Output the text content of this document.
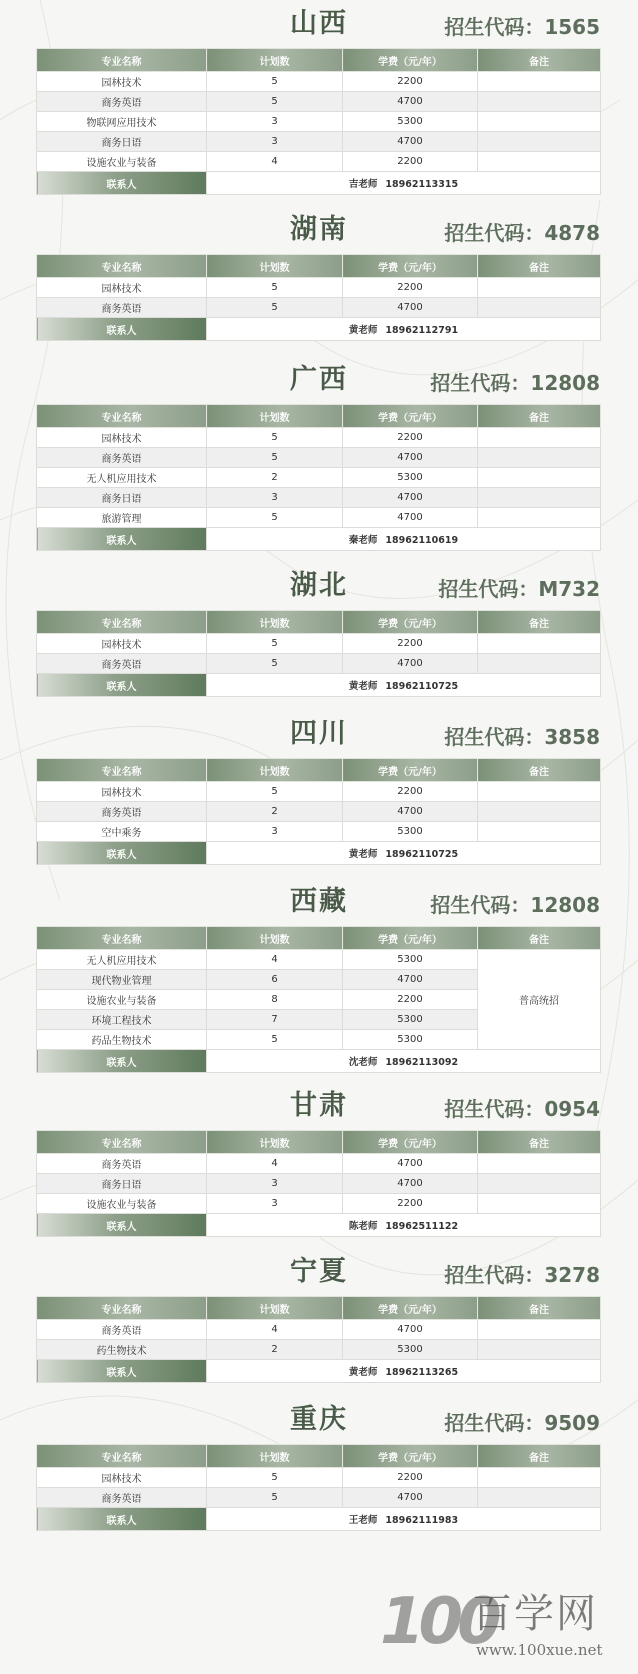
山西	招生代码：1565
专业名称	计划数	学费（元/年）	备注
园林技术	5	2200	
商务英语	5	4700	
物联网应用技术	3	5300	
商务日语	3	4700	
设施农业与装备	4	2200	
联系人	吉老师 18962113315		
湖南	招生代码：4878
专业名称	计划数	学费（元/年）	备注
园林技术	5	2200	
商务英语	5	4700	
联系人	黄老师 18962112791		
广西	招生代码：12808
专业名称	计划数	学费（元/年）	备注
园林技术	5	2200	
商务英语	5	4700	
无人机应用技术	2	5300	
商务日语	3	4700	
旅游管理	5	4700	
联系人	秦老师 18962110619		
湖北	招生代码：M732
专业名称	计划数	学费（元/年）	备注
园林技术	5	2200	
商务英语	5	4700	
联系人	黄老师 18962110725		
四川	招生代码：3858
专业名称	计划数	学费（元/年）	备注
园林技术	5	2200	
商务英语	2	4700	
空中乘务	3	5300	
联系人	黄老师 18962110725		
西藏	招生代码：12808
专业名称	计划数	学费（元/年）	备注
无人机应用技术	4	5300	普高统招
现代物业管理	6	4700	
设施农业与装备	8	2200	
环境工程技术	7	5300	
药品生物技术	5	5300	
联系人	沈老师 18962113092		
甘肃	招生代码：0954
专业名称	计划数	学费（元/年）	备注
商务英语	4	4700	
商务日语	3	4700	
设施农业与装备	3	2200	
联系人	陈老师 18962511122		
宁夏	招生代码：3278
专业名称	计划数	学费（元/年）	备注
商务英语	4	4700	
药生物技术	2	5300	
联系人	黄老师 18962113265		
重庆	招生代码：9509
专业名称	计划数	学费（元/年）	备注
园林技术	5	2200	
商务英语	5	4700	
联系人	王老师 18962111983		
100
百学网
www.100xue.net
